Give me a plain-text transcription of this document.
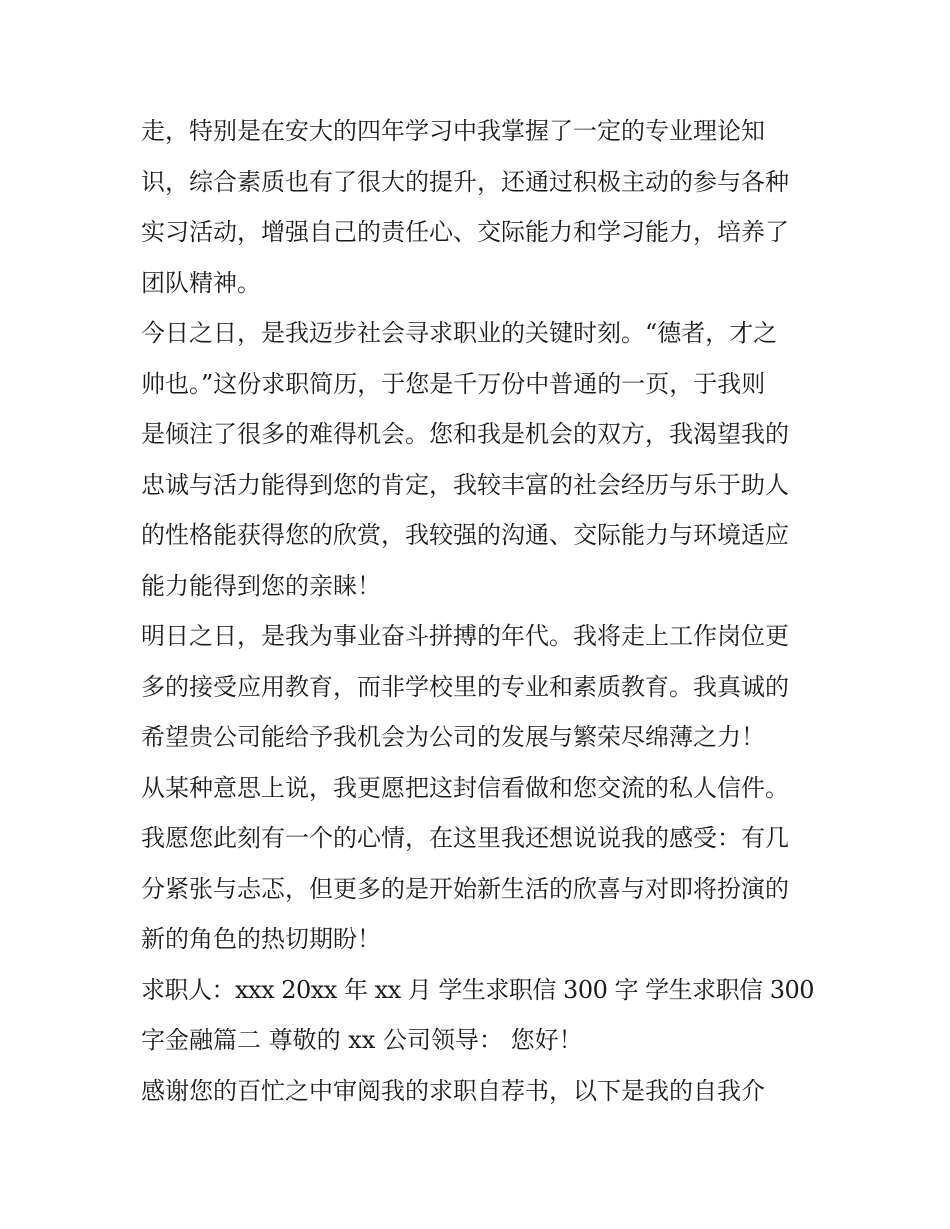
走，特别是在安大的四年学习中我掌握了一定的专业理论知

识，综合素质也有了很大的提升，还通过积极主动的参与各种

实习活动，增强自己的责任心、交际能力和学习能力，培养了

团队精神。

今日之日，是我迈步社会寻求职业的关键时刻。“德者，才之

帅也。”这份求职简历，于您是千万份中普通的一页，于我则

是倾注了很多的难得机会。您和我是机会的双方，我渴望我的

忠诚与活力能得到您的肯定，我较丰富的社会经历与乐于助人

的性格能获得您的欣赏，我较强的沟通、交际能力与环境适应

能力能得到您的亲睐！

明日之日，是我为事业奋斗拼搏的年代。我将走上工作岗位更

多的接受应用教育，而非学校里的专业和素质教育。我真诚的

希望贵公司能给予我机会为公司的发展与繁荣尽绵薄之力！

从某种意思上说，我更愿把这封信看做和您交流的私人信件。

我愿您此刻有一个的心情，在这里我还想说说我的感受：有几

分紧张与忐忑，但更多的是开始新生活的欣喜与对即将扮演的

新的角色的热切期盼！

求职人：xxx 20xx 年 xx 月 学生求职信 300 字 学生求职信 300

字金融篇二 尊敬的 xx 公司领导： 您好！

感谢您的百忙之中审阅我的求职自荐书，以下是我的自我介
